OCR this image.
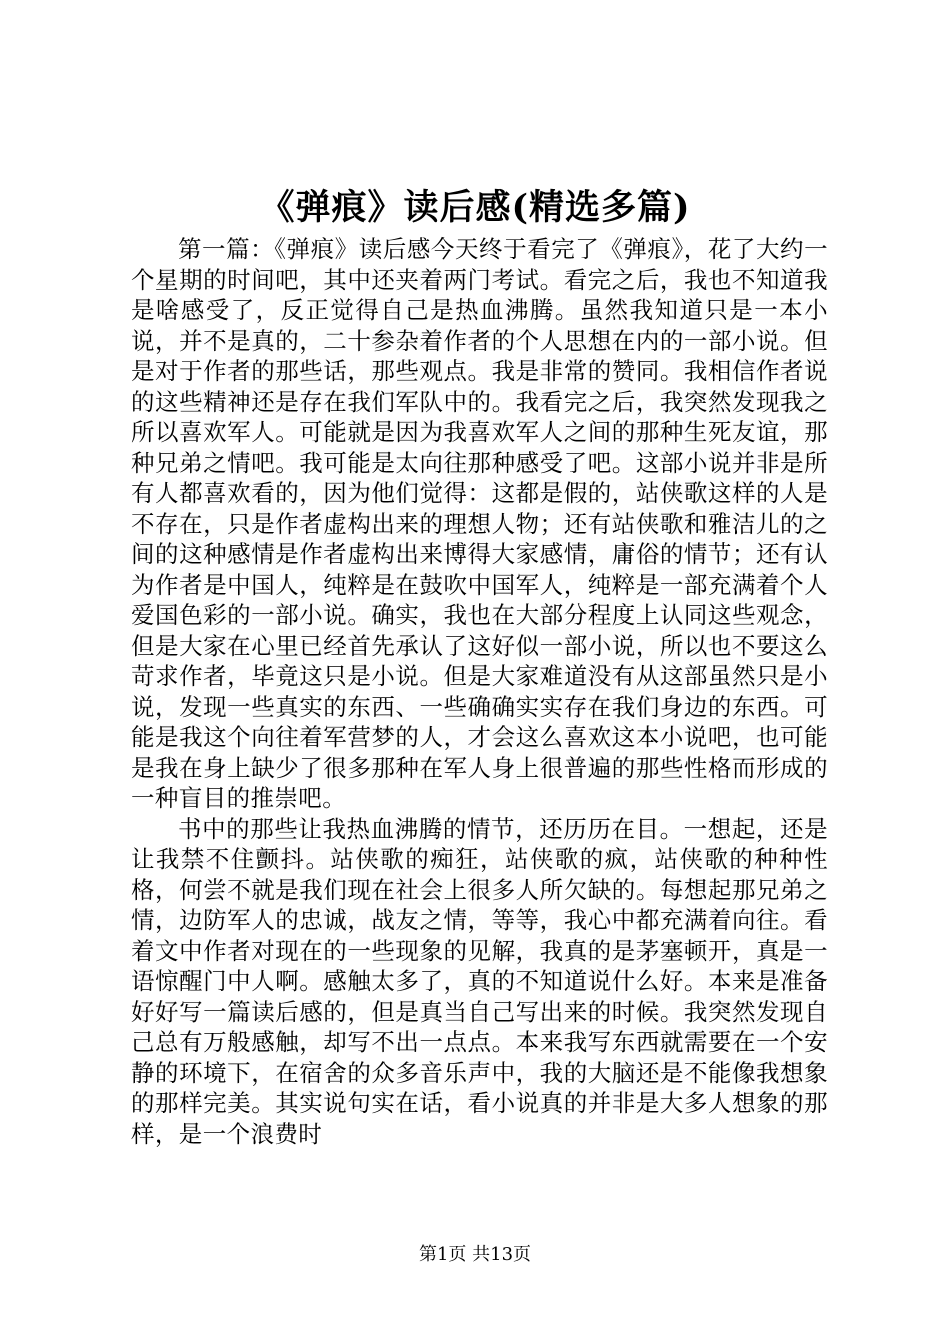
《弹痕》读后感(精选多篇)

第一篇：《弹痕》读后感今天终于看完了《弹痕》，花了大约一个星期的时间吧，其中还夹着两门考试。看完之后，我也不知道我是啥感受了，反正觉得自己是热血沸腾。虽然我知道只是一本小说，并不是真的，二十参杂着作者的个人思想在内的一部小说。但是对于作者的那些话，那些观点。我是非常的赞同。我相信作者说的这些精神还是存在我们军队中的。我看完之后，我突然发现我之所以喜欢军人。可能就是因为我喜欢军人之间的那种生死友谊，那种兄弟之情吧。我可能是太向往那种感受了吧。这部小说并非是所有人都喜欢看的，因为他们觉得：这都是假的，站侠歌这样的人是不存在，只是作者虚构出来的理想人物；还有站侠歌和雅洁儿的之间的这种感情是作者虚构出来博得大家感情，庸俗的情节；还有认为作者是中国人，纯粹是在鼓吹中国军人，纯粹是一部充满着个人爱国色彩的一部小说。确实，我也在大部分程度上认同这些观念，但是大家在心里已经首先承认了这好似一部小说，所以也不要这么苛求作者，毕竟这只是小说。但是大家难道没有从这部虽然只是小说，发现一些真实的东西、一些确确实实存在我们身边的东西。可能是我这个向往着军营梦的人，才会这么喜欢这本小说吧，也可能是我在身上缺少了很多那种在军人身上很普遍的那些性格而形成的一种盲目的推崇吧。

书中的那些让我热血沸腾的情节，还历历在目。一想起，还是让我禁不住颤抖。站侠歌的痴狂，站侠歌的疯，站侠歌的种种性格，何尝不就是我们现在社会上很多人所欠缺的。每想起那兄弟之情，边防军人的忠诚，战友之情，等等，我心中都充满着向往。看着文中作者对现在的一些现象的见解，我真的是茅塞顿开，真是一语惊醒门中人啊。感触太多了，真的不知道说什么好。本来是准备好好写一篇读后感的，但是真当自己写出来的时候。我突然发现自己总有万般感触，却写不出一点点。本来我写东西就需要在一个安静的环境下，在宿舍的众多音乐声中，我的大脑还是不能像我想象的那样完美。其实说句实在话，看小说真的并非是大多人想象的那样，是一个浪费时

第1页 共13页
